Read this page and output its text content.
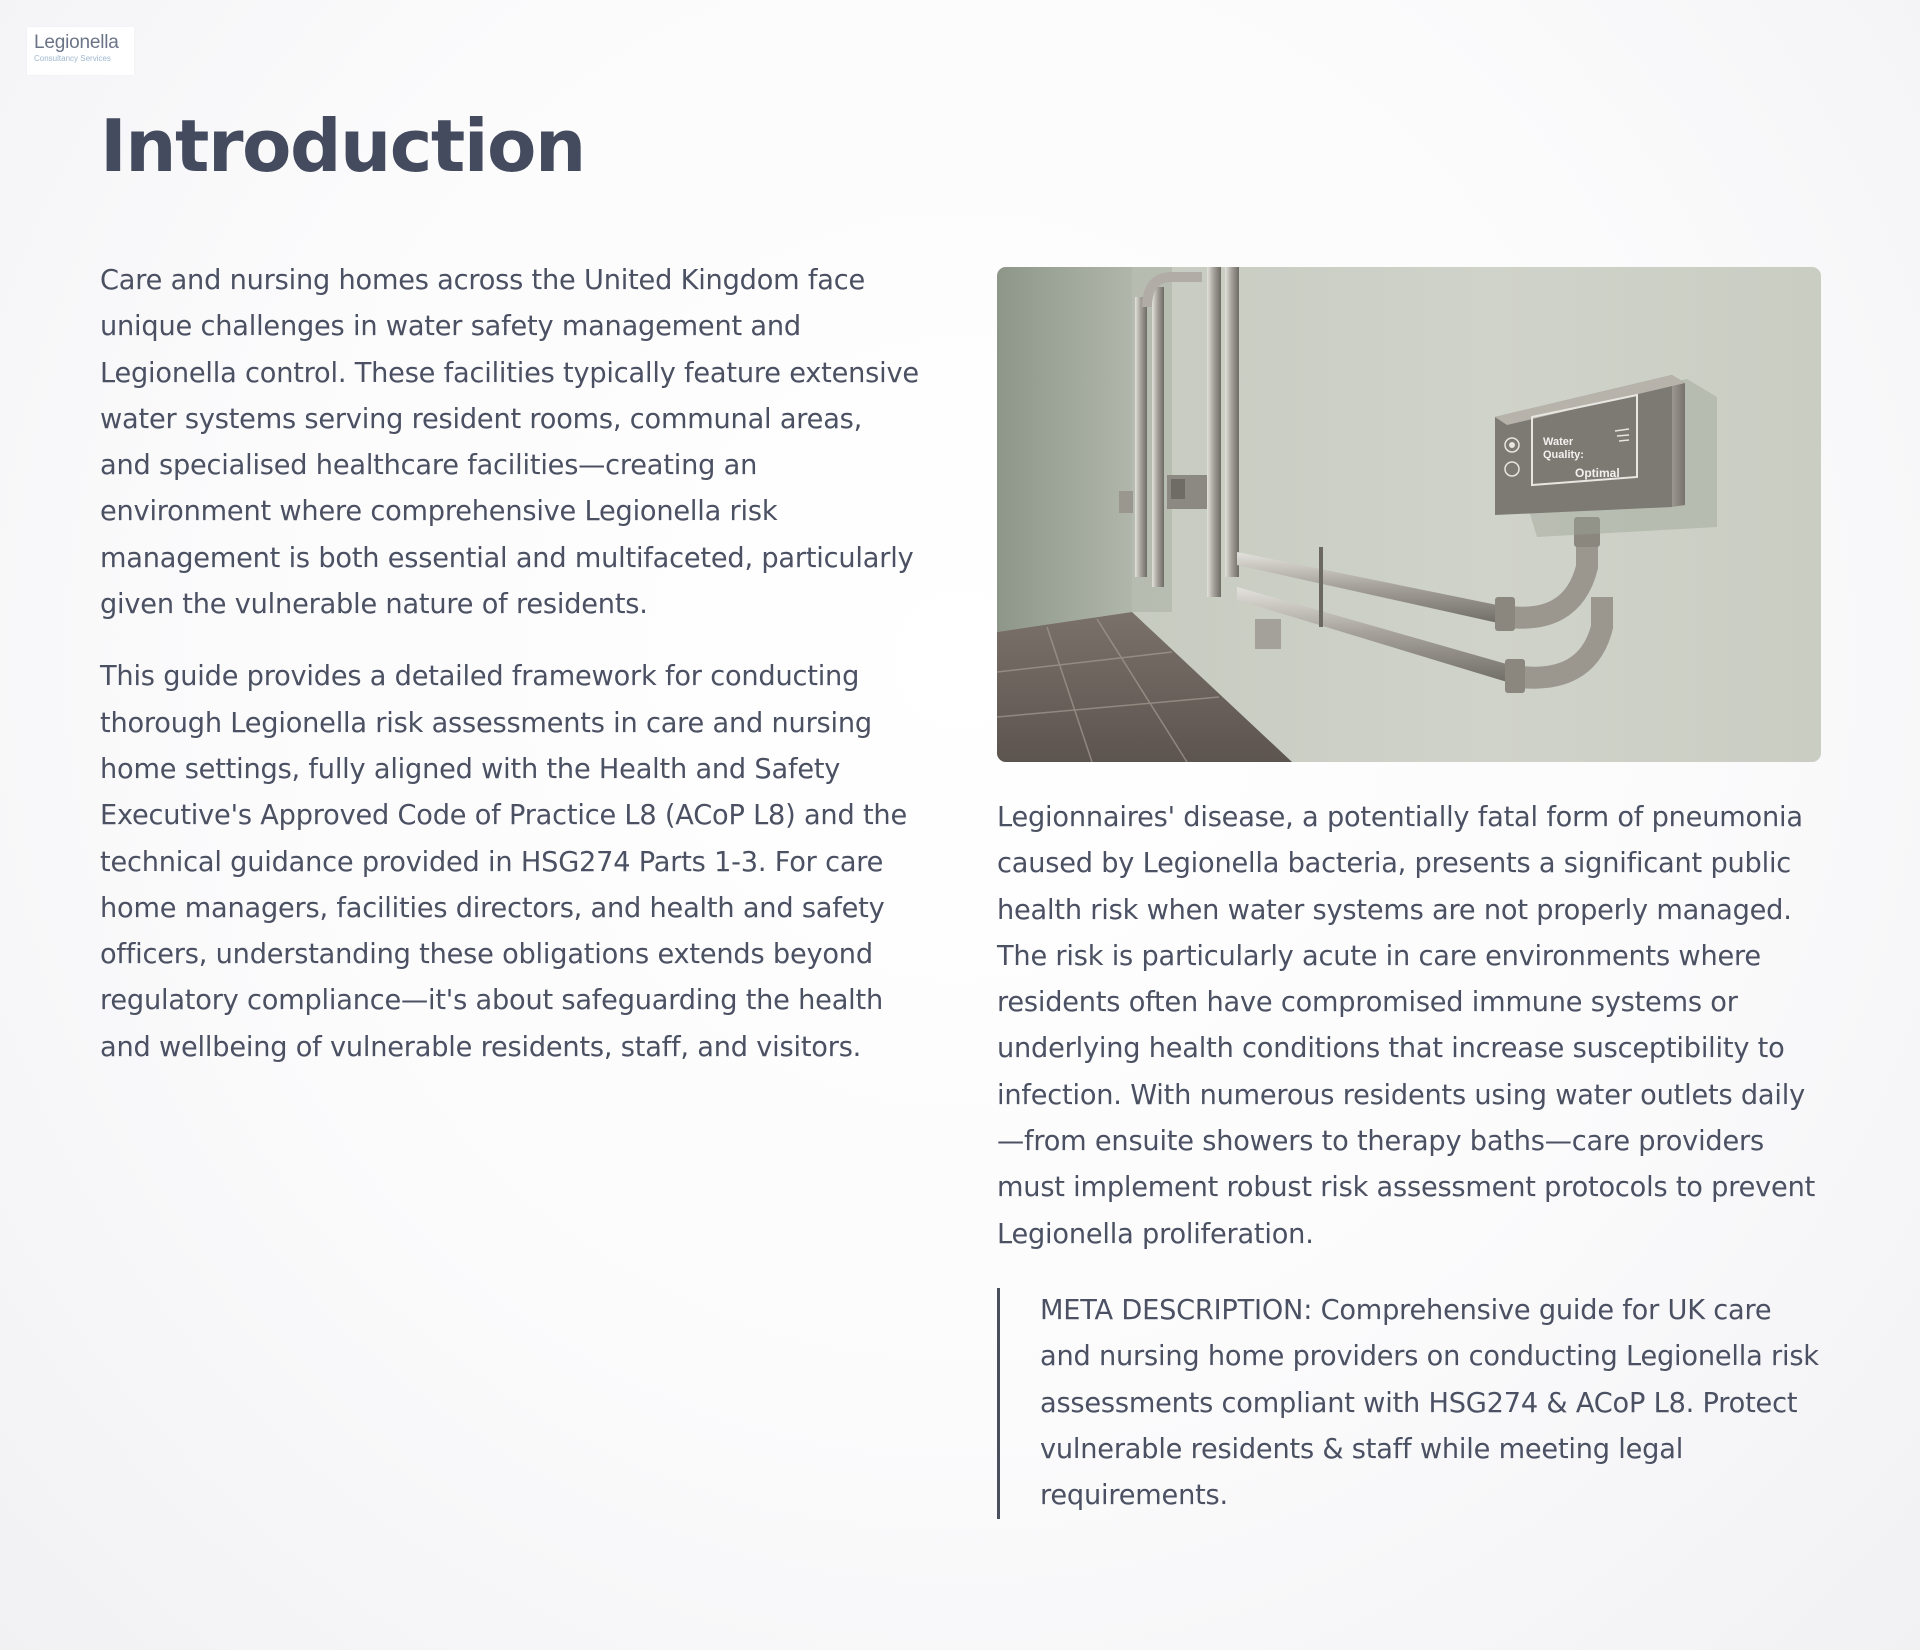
Legionella
Consultancy Services
Introduction

Care and nursing homes across the United Kingdom face unique challenges in water safety management and Legionella control. These facilities typically feature extensive water systems serving resident rooms, communal areas, and specialised healthcare facilities—creating an environment where comprehensive Legionella risk management is both essential and multifaceted, particularly given the vulnerable nature of residents.

This guide provides a detailed framework for conducting thorough Legionella risk assessments in care and nursing home settings, fully aligned with the Health and Safety Executive's Approved Code of Practice L8 (ACoP L8) and the technical guidance provided in HSG274 Parts 1-3. For care home managers, facilities directors, and health and safety officers, understanding these obligations extends beyond regulatory compliance—it's about safeguarding the health and wellbeing of vulnerable residents, staff, and visitors.

Water
Quality:
Optimal

Legionnaires' disease, a potentially fatal form of pneumonia caused by Legionella bacteria, presents a significant public health risk when water systems are not properly managed. The risk is particularly acute in care environments where residents often have compromised immune systems or underlying health conditions that increase susceptibility to infection. With numerous residents using water outlets daily—from ensuite showers to therapy baths—care providers must implement robust risk assessment protocols to prevent Legionella proliferation.

META DESCRIPTION: Comprehensive guide for UK care and nursing home providers on conducting Legionella risk assessments compliant with HSG274 & ACoP L8. Protect vulnerable residents & staff while meeting legal requirements.
